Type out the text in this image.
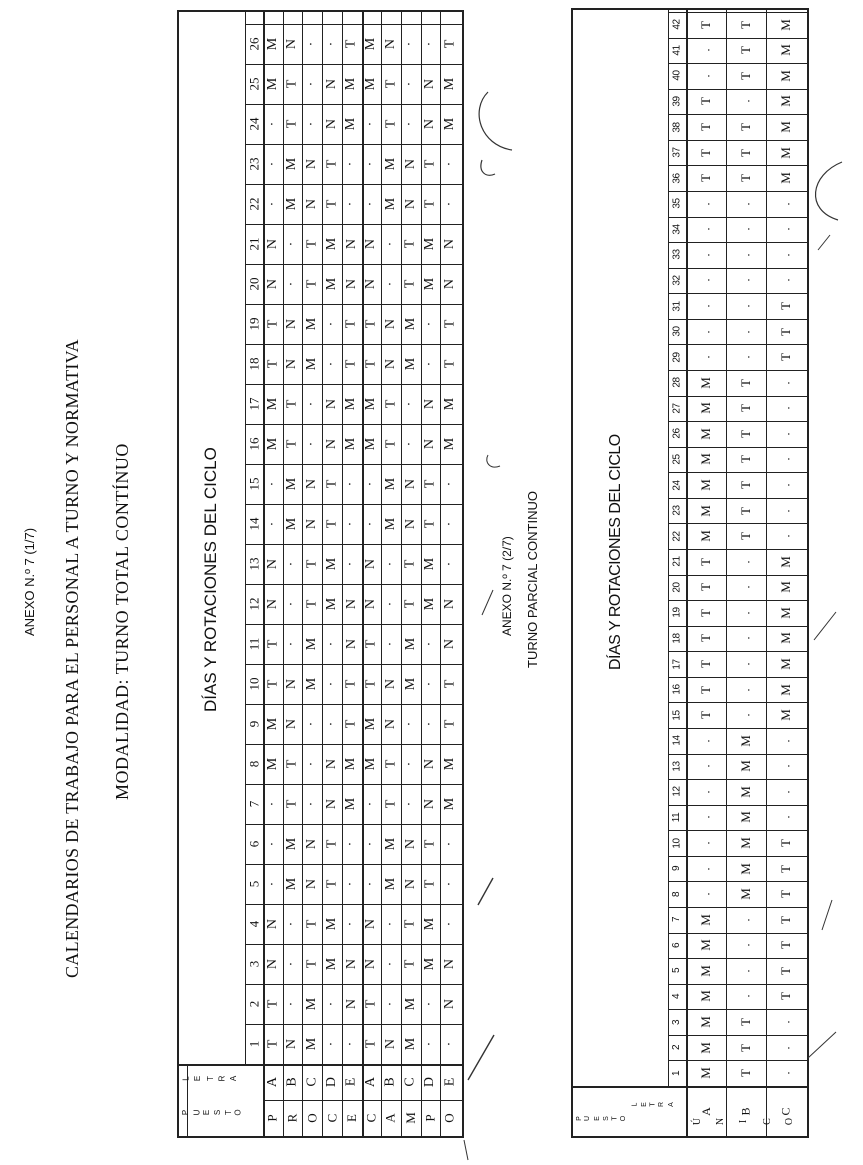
ANEXO N.º 7 (1/7) CALENDARIOS DE TRABAJO PARA EL PERSONAL A TURNO Y NORMATIVA MODALIDAD: TURNO TOTAL CONTÍNUO	DÍAS Y ROTACIONES DEL CICLO
1
2
3
4
5
6
7
8
9
10
11
12
13
14
15
16
17
18
19
20
21
22
23
24
25
26
T
T
N
N
·
·
·
M
M
T
T
N
N
·
·
M
M
T
T
N
N
·
·
·
M
M
A
P
N
·
·
·
M
M
T
T
N
N
·
·
·
M
M
T
T
N
N
·
·
M
M
T
T
N
B
R
M
M
T
T
N
N
·
·
·
M
M
T
T
N
N
·
·
M
M
T
T
N
N
·
·
·
C
O
·
·
M
M
T
T
N
N
·
·
·
M
M
T
T
N
N
·
·
M
M
T
T
N
N
·
D
C
·
N
N
·
·
·
M
M
T
T
N
N
·
·
·
M
M
T
T
N
N
·
·
M
M
T
E
E
T
T
N
N
·
·
·
M
M
T
T
N
N
·
·
M
M
T
T
N
N
·
·
·
M
M
A
C
N
·
·
·
M
M
T
T
N
N
·
·
·
M
M
T
T
N
N
·
·
M
M
T
T
N
B
A
M
M
T
T
N
N
·
·
·
M
M
T
T
N
N
·
·
M
M
T
T
N
N
·
·
·
C
M
·
·
M
M
T
T
N
N
·
·
·
M
M
T
T
N
N
·
·
M
M
T
T
N
N
·
D
P
·
N
N
·
·
·
M
M
T
T
N
N
·
·
·
M
M
T
T
N
N
·
·
M
M
T
E
O
P U E S T O
L E T R A
ANEXO N.º 7 (2/7) TURNO PARCIAL CONTINUO	DÍAS Y ROTACIONES DEL CICLO
1
2
3
4
5
6
7
8
9
10
11
12
13
14
15
16
17
18
19
20
21
22
23
24
25
26
27
28
29
30
31
32
33
34
35
36
37
38
39
40
41
42
M
M
M
M
M
M
M
.
.
.
.
.
.
.
T
T
T
T
T
T
T
M
M
M
M
M
M
M
.
.
.
.
.
.
.
T
T
T
T
.
.
T
A
T
T
T
.
.
.
.
M
M
M
M
M
M
M
.
.
.
.
.
.
.
T
T
T
T
T
T
T
.
.
.
.
.
.
.
T
T
T
.
T
T
T
B
.
.
.
T
T
T
T
T
T
T
.
.
.
.
M
M
M
M
M
M
M
.
.
.
.
.
.
.
T
T
T
.
.
.
.
M
M
M
M
M
M
M
C
Ú N I C O
P U E S T O
L E T R A
